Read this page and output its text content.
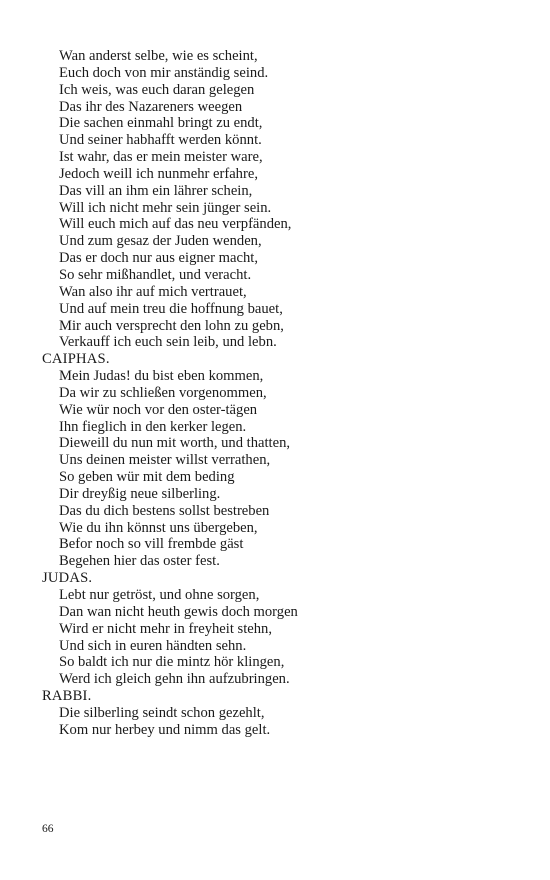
Wan anderst selbe, wie es scheint,
Euch doch von mir anständig seind.
Ich weis, was euch daran gelegen
Das ihr des Nazareners weegen
Die sachen einmahl bringt zu endt,
Und seiner habhafft werden könnt.
Ist wahr, das er mein meister ware,
Jedoch weill ich nunmehr erfahre,
Das vill an ihm ein lährer schein,
Will ich nicht mehr sein jünger sein.
Will euch mich auf das neu verpfänden,
Und zum gesaz der Juden wenden,
Das er doch nur aus eigner macht,
So sehr mißhandlet, und veracht.
Wan also ihr auf mich vertrauet,
Und auf mein treu die hoffnung bauet,
Mir auch versprecht den lohn zu gebn,
Verkauff ich euch sein leib, und lebn.
CAIPHAS.
Mein Judas! du bist eben kommen,
Da wir zu schließen vorgenommen,
Wie wür noch vor den oster-tägen
Ihn fieglich in den kerker legen.
Dieweill du nun mit worth, und thatten,
Uns deinen meister willst verrathen,
So geben wür mit dem beding
Dir dreyßig neue silberling.
Das du dich bestens sollst bestreben
Wie du ihn könnst uns übergeben,
Befor noch so vill frembde gäst
Begehen hier das oster fest.
JUDAS.
Lebt nur getröst, und ohne sorgen,
Dan wan nicht heuth gewis doch morgen
Wird er nicht mehr in freyheit stehn,
Und sich in euren händten sehn.
So baldt ich nur die mintz hör klingen,
Werd ich gleich gehn ihn aufzubringen.
RABBI.
Die silberling seindt schon gezehlt,
Kom nur herbey und nimm das gelt.
66
